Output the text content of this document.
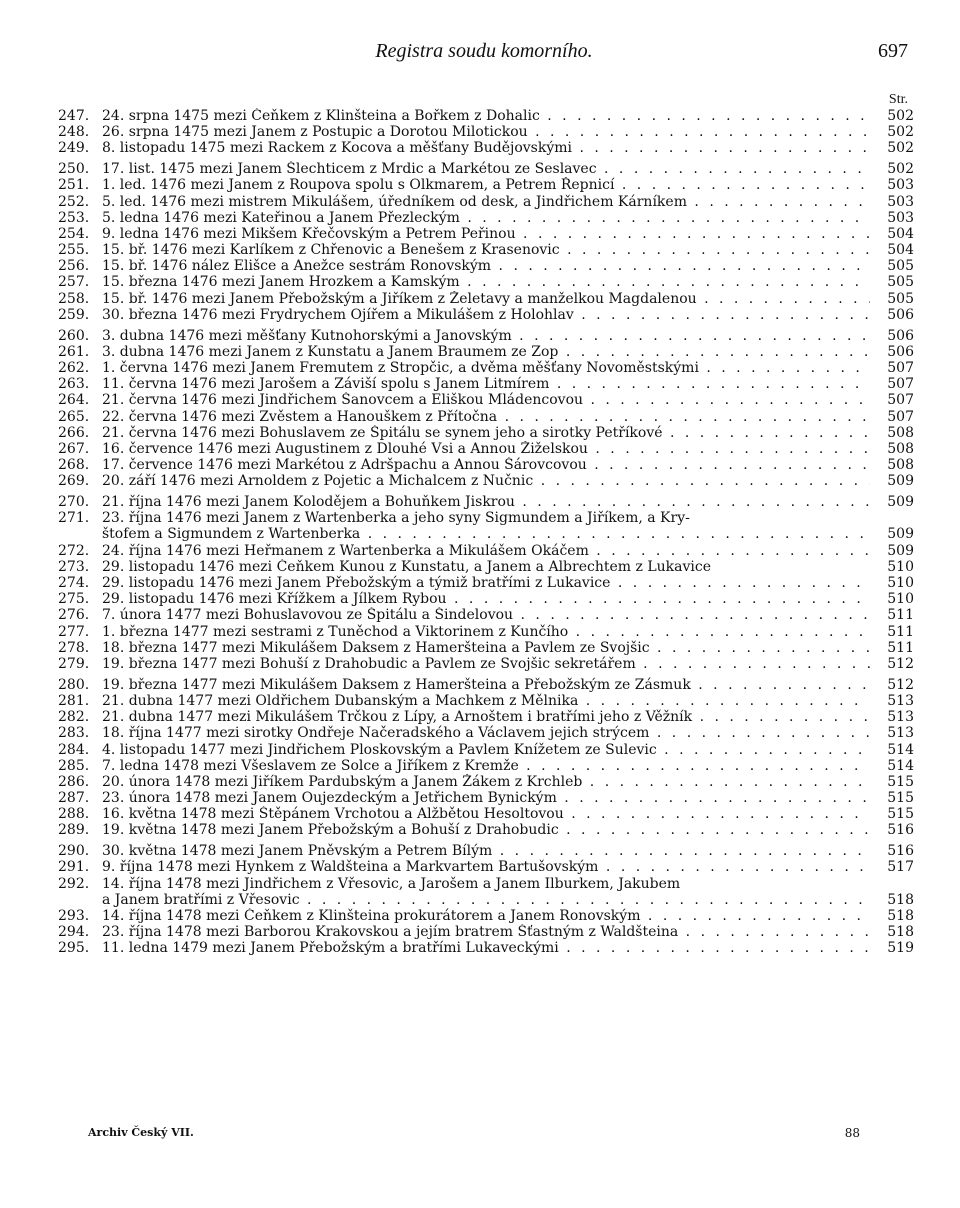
Registra soudu komorního.	697
Str.
247. 24. srpna 1475 mezi Čeňkem z Klinšteina a Bořkem z Dohalic . . .	502
248. 26. srpna 1475 mezi Janem z Postupic a Dorotou Milotickou . . .	502
249. 8. listopadu 1475 mezi Rackem z Kocova a měšťany Budějovskými . . .	502
250. 17. list. 1475 mezi Janem Šlechticem z Mrdic a Markétou ze Seslavec . . .	502
251. 1. led. 1476 mezi Janem z Roupova spolu s Olkmarem, a Petrem Řepnicí . . .	503
252. 5. led. 1476 mezi mistrem Mikulášem, úředníkem od desk, a Jindřichem Kárníkem . . .	503
253. 5. ledna 1476 mezi Kateřinou a Janem Přezleckým . . .	503
254. 9. ledna 1476 mezi Mikšem Křečovským a Petrem Peřinou . . .	504
255. 15. bř. 1476 mezi Karlíkem z Chřenovic a Benešem z Krasenovic . . .	504
256. 15. bř. 1476 nález Elišce a Anežce sestrám Ronovským . . .	505
257. 15. března 1476 mezi Janem Hrozkem a Kamským . . .	505
258. 15. bř. 1476 mezi Janem Přebožským a Jiříkem z Želetavy a manželkou Magdalenou . . .	505
259. 30. března 1476 mezi Frydrychem Ojířem a Mikulášem z Holohlav . . .	506
260. 3. dubna 1476 mezi měšťany Kutnohorskými a Janovským . . .	506
261. 3. dubna 1476 mezi Janem z Kunstatu a Janem Braumem ze Zop . . .	506
262. 1. června 1476 mezi Janem Fremutem z Stropčic, a dvěma měšťany Novoměstskými . . .	507
263. 11. června 1476 mezi Jarošem a Záviší spolu s Janem Litmírem . . .	507
264. 21. června 1476 mezi Jindřichem Šanovcem a Eliškou Mládencovou . . .	507
265. 22. června 1476 mezi Zvěstem a Hanouškem z Přítočna . . .	507
266. 21. června 1476 mezi Bohuslavem ze Špitálu se synem jeho a sirotky Petříkové . . .	508
267. 16. července 1476 mezi Augustinem z Dlouhé Vsi a Annou Žiželskou . . .	508
268. 17. července 1476 mezi Markétou z Adršpachu a Annou Šárovcovou . . .	508
269. 20. září 1476 mezi Arnoldem z Pojetic a Michalcem z Nučnic . . .	509
270. 21. října 1476 mezi Janem Kolodějem a Bohuňkem Jiskrou . . .	509
271. 23. října 1476 mezi Janem z Wartenberka a jeho syny Sigmundem a Jiříkem, a Kry-
štofem a Sigmundem z Wartenberka . . .	509
272. 24. října 1476 mezi Heřmanem z Wartenberka a Mikulášem Okáčem . . .	509
273. 29. listopadu 1476 mezi Čeňkem Kunou z Kunstatu, a Janem a Albrechtem z Lukavice	510
274. 29. listopadu 1476 mezi Janem Přebožským a týmiž bratřími z Lukavice . . .	510
275. 29. listopadu 1476 mezi Křížkem a Jílkem Rybou . . .	510
276. 7. února 1477 mezi Bohuslavovou ze Špitálu a Šindelovou . . .	511
277. 1. března 1477 mezi sestrami z Tuněchod a Viktorinem z Kunčího . . .	511
278. 18. března 1477 mezi Mikulášem Daksem z Hameršteina a Pavlem ze Svojšic . . .	511
279. 19. března 1477 mezi Bohuší z Drahobudic a Pavlem ze Svojšic sekretářem . . .	512
280. 19. března 1477 mezi Mikulášem Daksem z Hameršteina a Přebožským ze Zásmuk . . .	512
281. 21. dubna 1477 mezi Oldřichem Dubanským a Machkem z Mělnika . . .	513
282. 21. dubna 1477 mezi Mikulášem Trčkou z Lípy, a Arnoštem i bratřími jeho z Věžník . . .	513
283. 18. října 1477 mezi sirotky Ondřeje Načeradského a Václavem jejich strýcem . . .	513
284. 4. listopadu 1477 mezi Jindřichem Ploskovským a Pavlem Knížetem ze Sulevic . . .	514
285. 7. ledna 1478 mezi Všeslavem ze Solce a Jiříkem z Kremže . . .	514
286. 20. února 1478 mezi Jiříkem Pardubským a Janem Žákem z Krchleb . . .	515
287. 23. února 1478 mezi Janem Oujezdeckým a Jetřichem Bynickým . . .	515
288. 16. května 1478 mezi Štěpánem Vrchotou a Alžbětou Hesoltovou . . .	515
289. 19. května 1478 mezi Janem Přebožským a Bohuší z Drahobudic . . .	516
290. 30. května 1478 mezi Janem Pněvským a Petrem Bílým . . .	516
291. 9. října 1478 mezi Hynkem z Waldšteina a Markvartem Bartušovským . . .	517
292. 14. října 1478 mezi Jindřichem z Vřesovic, a Jarošem a Janem Ilburkem, Jakubem
a Janem bratřími z Vřesovic . . .	518
293. 14. října 1478 mezi Čeňkem z Klinšteina prokurátorem a Janem Ronovským . . .	518
294. 23. října 1478 mezi Barborou Krakovskou a jejím bratrem Šťastným z Waldšteina . . .	518
295. 11. ledna 1479 mezi Janem Přebožským a bratřími Lukaveckými . . .	519
Archiv Český VII.	88
